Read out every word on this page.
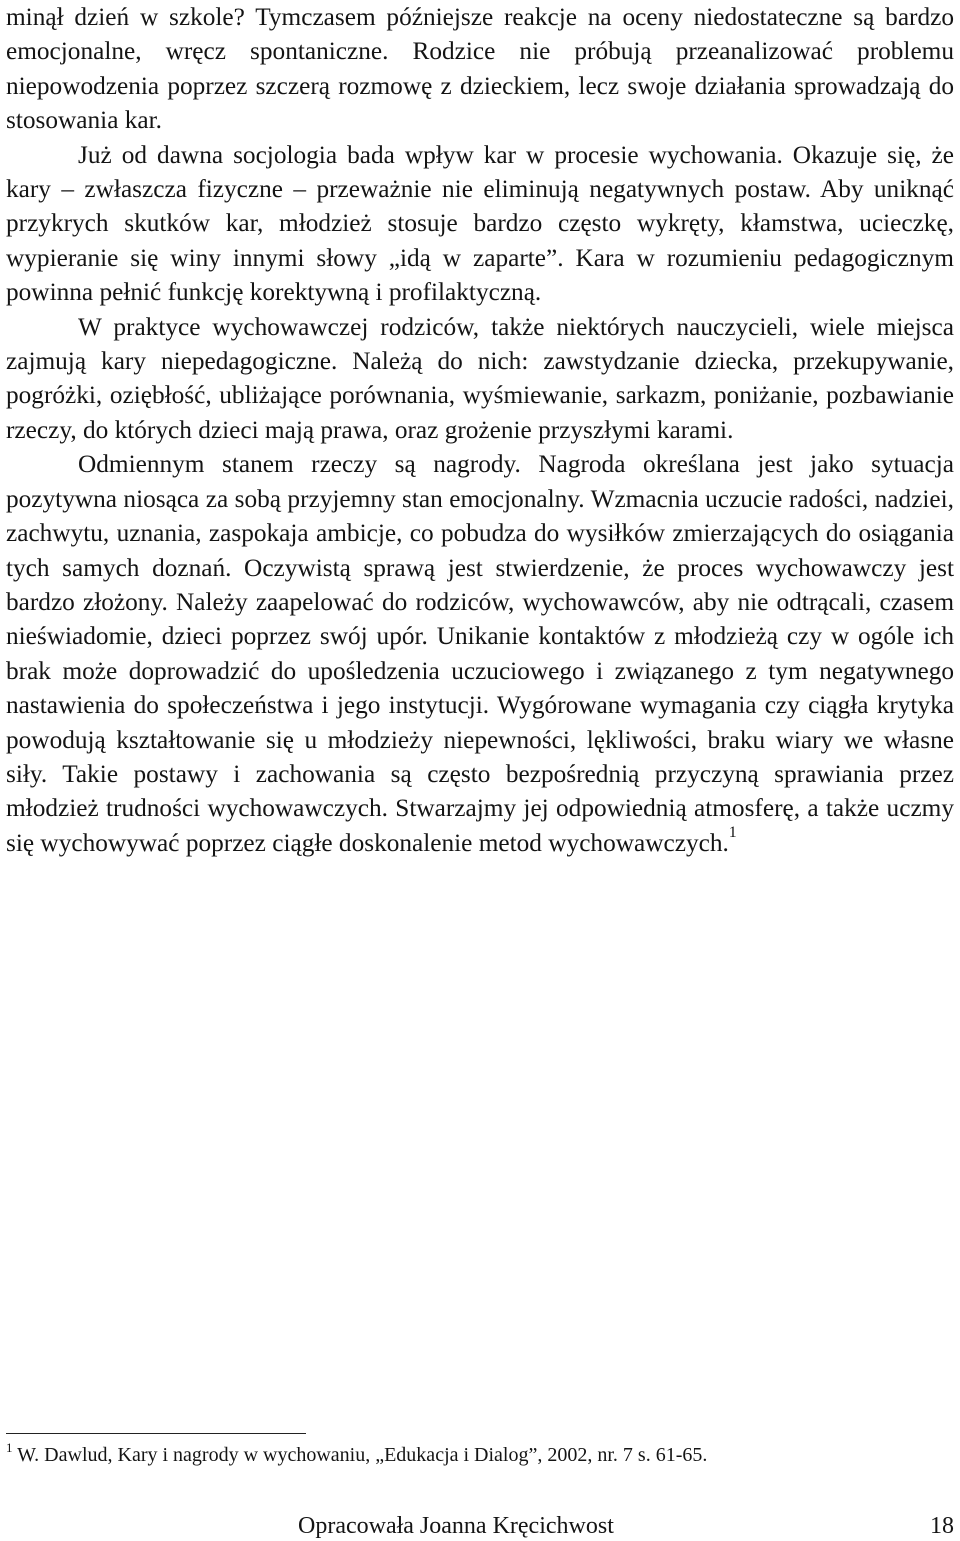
minął dzień w szkole? Tymczasem późniejsze reakcje na oceny niedostateczne są bardzo emocjonalne, wręcz spontaniczne. Rodzice nie próbują przeanalizować problemu niepowodzenia poprzez szczerą rozmowę z dzieckiem, lecz swoje działania sprowadzają do stosowania kar.

Już od dawna socjologia bada wpływ kar w procesie wychowania. Okazuje się, że kary – zwłaszcza fizyczne – przeważnie nie eliminują negatywnych postaw. Aby uniknąć przykrych skutków kar, młodzież stosuje bardzo często wykręty, kłamstwa, ucieczkę, wypieranie się winy innymi słowy „idą w zaparte”. Kara w rozumieniu pedagogicznym powinna pełnić funkcję korektywną i profilaktyczną.

W praktyce wychowawczej rodziców, także niektórych nauczycieli, wiele miejsca zajmują kary niepedagogiczne. Należą do nich: zawstydzanie dziecka, przekupywanie, pogróżki, oziębłość, ubliżające porównania, wyśmiewanie, sarkazm, poniżanie, pozbawianie rzeczy, do których dzieci mają prawa, oraz grożenie przyszłymi karami.

Odmiennym stanem rzeczy są nagrody. Nagroda określana jest jako sytuacja pozytywna niosąca za sobą przyjemny stan emocjonalny. Wzmacnia uczucie radości, nadziei, zachwytu, uznania, zaspokaja ambicje, co pobudza do wysiłków zmierzających do osiągania tych samych doznań. Oczywistą sprawą jest stwierdzenie, że proces wychowawczy jest bardzo złożony. Należy zaapelować do rodziców, wychowawców, aby nie odtrącali, czasem nieświadomie, dzieci poprzez swój upór. Unikanie kontaktów z młodzieżą czy w ogóle ich brak może doprowadzić do upośledzenia uczuciowego i związanego z tym negatywnego nastawienia do społeczeństwa i jego instytucji. Wygórowane wymagania czy ciągła krytyka powodują kształtowanie się u młodzieży niepewności, lękliwości, braku wiary we własne siły. Takie postawy i zachowania są często bezpośrednią przyczyną sprawiania przez młodzież trudności wychowawczych. Stwarzajmy jej odpowiednią atmosferę, a także uczmy się wychowywać poprzez ciągłe doskonalenie metod wychowawczych.$^1$

$^1$ W. Dawlud, Kary i nagrody w wychowaniu, „Edukacja i Dialog”, 2002, nr. 7 s. 61-65.
Opracowała Joanna Kręcichwost	18
